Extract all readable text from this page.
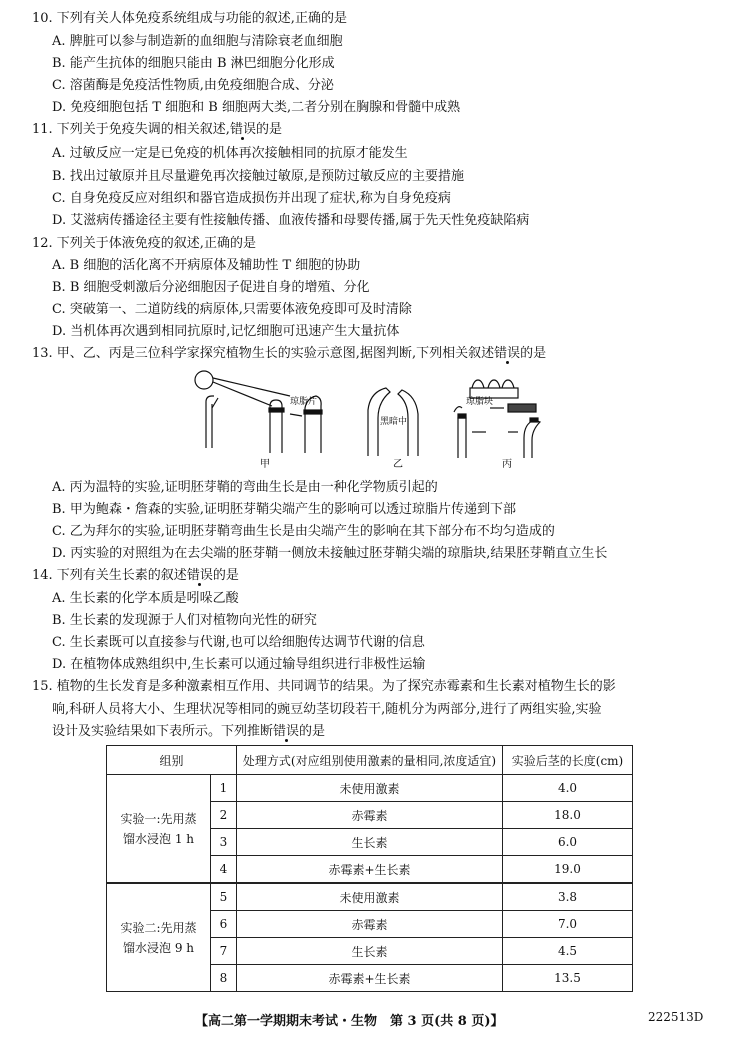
10. 下列有关人体免疫系统组成与功能的叙述,正确的是
A. 脾脏可以参与制造新的血细胞与清除衰老血细胞
B. 能产生抗体的细胞只能由 B 淋巴细胞分化形成
C. 溶菌酶是免疫活性物质,由免疫细胞合成、分泌
D. 免疫细胞包括 T 细胞和 B 细胞两大类,二者分别在胸腺和骨髓中成熟
11. 下列关于免疫失调的相关叙述,错误的是
A. 过敏反应一定是已免疫的机体再次接触相同的抗原才能发生
B. 找出过敏原并且尽量避免再次接触过敏原,是预防过敏反应的主要措施
C. 自身免疫反应对组织和器官造成损伤并出现了症状,称为自身免疫病
D. 艾滋病传播途径主要有性接触传播、血液传播和母婴传播,属于先天性免疫缺陷病
12. 下列关于体液免疫的叙述,正确的是
A. B 细胞的活化离不开病原体及辅助性 T 细胞的协助
B. B 细胞受刺激后分泌细胞因子促进自身的增殖、分化
C. 突破第一、二道防线的病原体,只需要体液免疫即可及时清除
D. 当机体再次遇到相同抗原时,记忆细胞可迅速产生大量抗体
13. 甲、乙、丙是三位科学家探究植物生长的实验示意图,据图判断,下列相关叙述错误的是
琼脂片
黑暗中
琼脂块
甲	乙	丙
A. 丙为温特的实验,证明胚芽鞘的弯曲生长是由一种化学物质引起的
B. 甲为鲍森・詹森的实验,证明胚芽鞘尖端产生的影响可以透过琼脂片传递到下部
C. 乙为拜尔的实验,证明胚芽鞘弯曲生长是由尖端产生的影响在其下部分布不均匀造成的
D. 丙实验的对照组为在去尖端的胚芽鞘一侧放未接触过胚芽鞘尖端的琼脂块,结果胚芽鞘直立生长
14. 下列有关生长素的叙述错误的是
A. 生长素的化学本质是吲哚乙酸
B. 生长素的发现源于人们对植物向光性的研究
C. 生长素既可以直接参与代谢,也可以给细胞传达调节代谢的信息
D. 在植物体成熟组织中,生长素可以通过输导组织进行非极性运输
15. 植物的生长发育是多种激素相互作用、共同调节的结果。为了探究赤霉素和生长素对植物生长的影
响,科研人员将大小、生理状况等相同的豌豆幼茎切段若干,随机分为两部分,进行了两组实验,实验
设计及实验结果如下表所示。下列推断错误的是
组别		处理方式(对应组别使用激素的量相同,浓度适宜)	实验后茎的长度(cm)
实验一:先用蒸
馏水浸泡 1 h	1	未使用激素	4.0
	2	赤霉素	18.0
	3	生长素	6.0
	4	赤霉素+生长素	19.0
实验二:先用蒸
馏水浸泡 9 h	5	未使用激素	3.8
	6	赤霉素	7.0
	7	生长素	4.5
	8	赤霉素+生长素	13.5
【高二第一学期期末考试・生物　第 3 页(共 8 页)】	222513D
